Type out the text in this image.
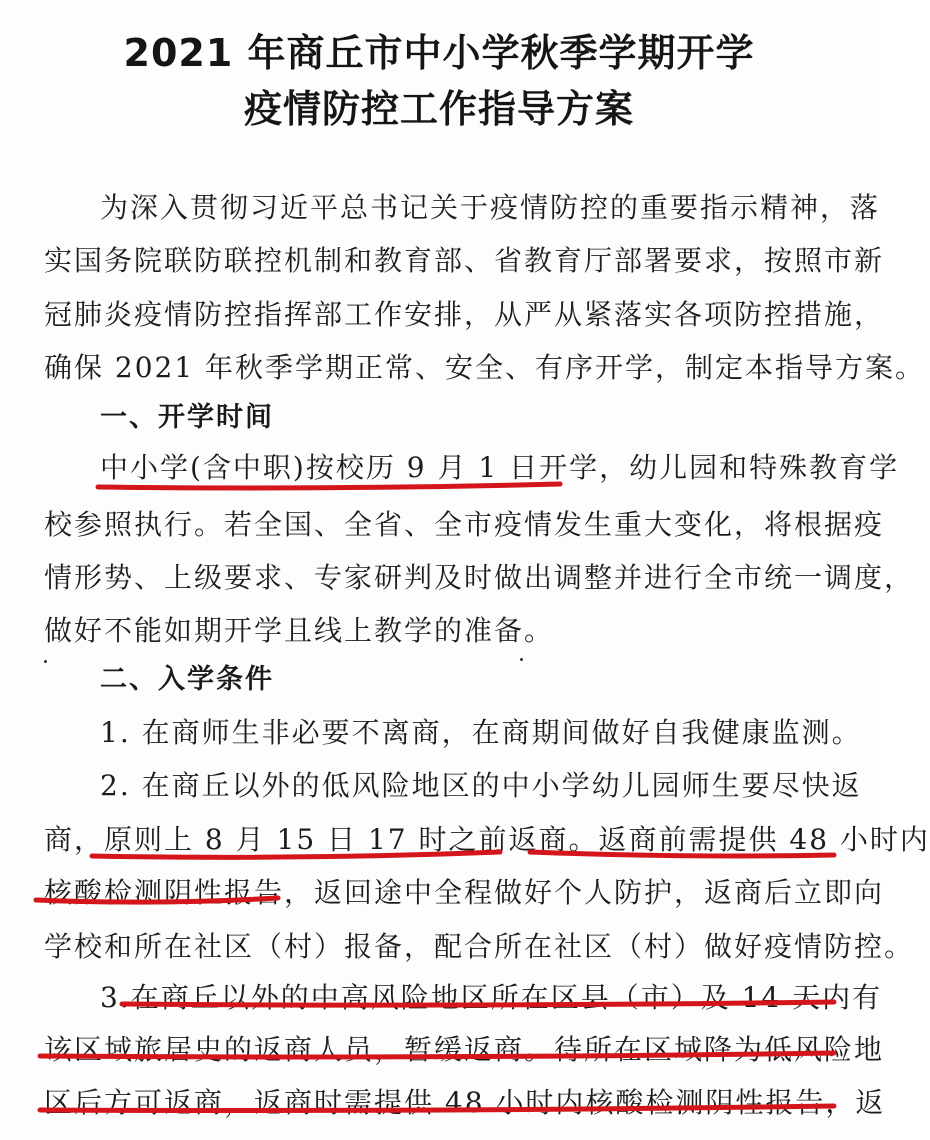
2021 年商丘市中小学秋季学期开学
疫情防控工作指导方案
为深入贯彻习近平总书记关于疫情防控的重要指示精神，落
实国务院联防联控机制和教育部、省教育厅部署要求，按照市新
冠肺炎疫情防控指挥部工作安排，从严从紧落实各项防控措施，
确保 2021 年秋季学期正常、安全、有序开学，制定本指导方案。
一、开学时间
中小学(含中职)按校历 9 月 1 日开学，幼儿园和特殊教育学
校参照执行。若全国、全省、全市疫情发生重大变化，将根据疫
情形势、上级要求、专家研判及时做出调整并进行全市统一调度，
做好不能如期开学且线上教学的准备。
二、入学条件
1. 在商师生非必要不离商，在商期间做好自我健康监测。
2. 在商丘以外的低风险地区的中小学幼儿园师生要尽快返
商，原则上 8 月 15 日 17 时之前返商。返商前需提供 48 小时内
核酸检测阴性报告，返回途中全程做好个人防护，返商后立即向
学校和所在社区（村）报备，配合所在社区（村）做好疫情防控。
3.在商丘以外的中高风险地区所在区县（市）及 14 天内有
该区域旅居史的返商人员，暂缓返商。待所在区域降为低风险地
区后方可返商，返商时需提供 48 小时内核酸检测阴性报告，返
